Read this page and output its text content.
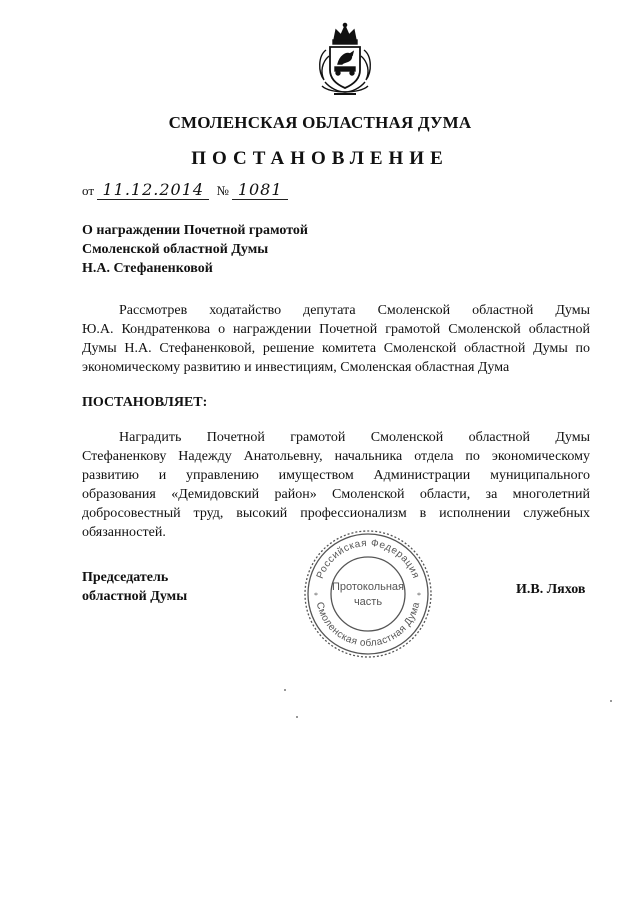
СМОЛЕНСКАЯ ОБЛАСТНАЯ ДУМА
ПОСТАНОВЛЕНИЕ
от 11.12.2014 № 1081
О награждении Почетной грамотой
Смоленской областной Думы
Н.А. Стефаненковой
Рассмотрев ходатайство депутата Смоленской областной Думы
Ю.А. Кондратенкова о награждении Почетной грамотой Смоленской областной
Думы Н.А. Стефаненковой, решение комитета Смоленской областной Думы по
экономическому развитию и инвестициям, Смоленская областная Дума
ПОСТАНОВЛЯЕТ:
Наградить Почетной грамотой Смоленской областной Думы
Стефаненкову Надежду Анатольевну, начальника отдела по экономическому
развитию и управлению имуществом Администрации муниципального
образования «Демидовский район» Смоленской области, за многолетний
добросовестный труд, высокий профессионализм в исполнении служебных
обязанностей.
Председатель
областной Думы	И.В. Ляхов
Российская Федерация
Смоленская областная Дума
Протокольная
часть
*	*
